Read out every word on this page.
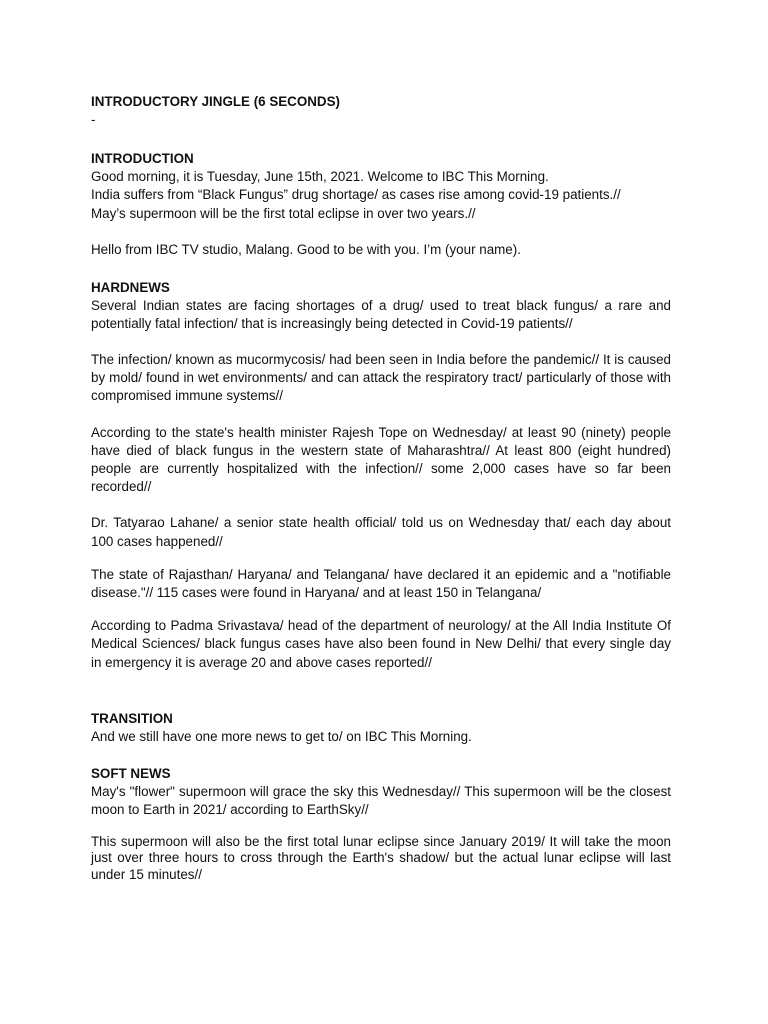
INTRODUCTORY JINGLE (6 SECONDS)

-

INTRODUCTION

Good morning, it is Tuesday, June 15th, 2021. Welcome to IBC This Morning.

India suffers from “Black Fungus” drug shortage/ as cases rise among covid-19 patients.//

May’s supermoon will be the first total eclipse in over two years.//

Hello from IBC TV studio, Malang. Good to be with you. I’m (your name).

HARDNEWS

Several Indian states are facing shortages of a drug/ used to treat black fungus/ a rare and potentially fatal infection/ that is increasingly being detected in Covid-19 patients//

The infection/ known as mucormycosis/ had been seen in India before the pandemic// It is caused by mold/ found in wet environments/ and can attack the respiratory tract/ particularly of those with compromised immune systems//

According to the state's health minister Rajesh Tope on Wednesday/ at least 90 (ninety) people have died of black fungus in the western state of Maharashtra// At least 800 (eight hundred) people are currently hospitalized with the infection// some 2,000 cases have so far been recorded//

Dr. Tatyarao Lahane/ a senior state health official/ told us on Wednesday that/ each day about 100 cases happened//

The state of Rajasthan/ Haryana/ and Telangana/ have declared it an epidemic and a "notifiable disease."// 115 cases were found in Haryana/ and at least 150 in Telangana/

According to Padma Srivastava/ head of the department of neurology/ at the All India Institute Of Medical Sciences/ black fungus cases have also been found in New Delhi/ that every single day in emergency it is average 20 and above cases reported//

TRANSITION

And we still have one more news to get to/ on IBC This Morning.

SOFT NEWS

May's "flower" supermoon will grace the sky this Wednesday// This supermoon will be the closest moon to Earth in 2021/ according to EarthSky//

This supermoon will also be the first total lunar eclipse since January 2019/ It will take the moon just over three hours to cross through the Earth's shadow/ but the actual lunar eclipse will last under 15 minutes//
